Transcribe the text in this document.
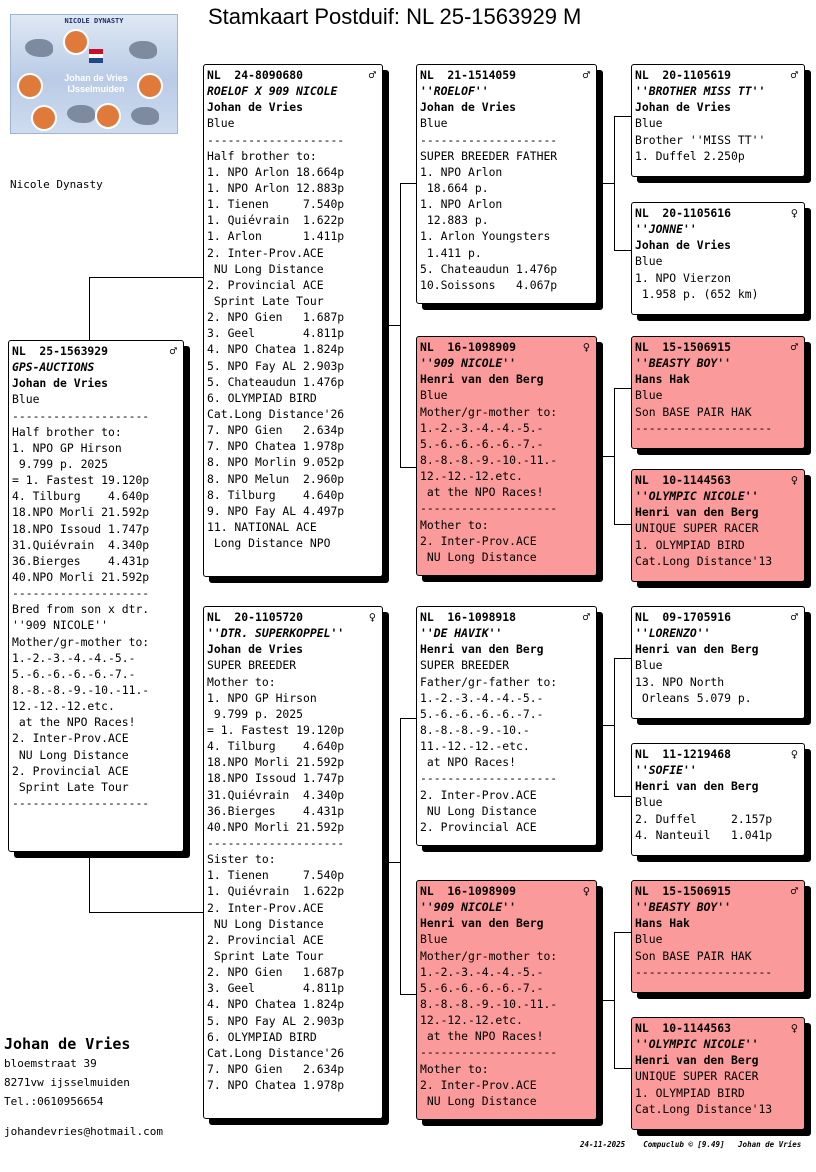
Stamkaart Postduif: NL 25-1563929 M
NICOLE DYNASTY
Johan de Vries
IJsselmuiden
Nicole Dynasty
NL  25-1563929	♂
GPS-AUCTIONS
Johan de Vries
Blue
--------------------
Half brother to:
1. NPO GP Hirson
9.799 p. 2025
= 1. Fastest 19.120p
4. Tilburg    4.640p
18.NPO Morli 21.592p
18.NPO Issoud 1.747p
31.Quiévrain  4.340p
36.Bierges    4.431p
40.NPO Morli 21.592p
--------------------
Bred from son x dtr.
''909 NICOLE''
Mother/gr-mother to:
1.-2.-3.-4.-4.-5.-
5.-6.-6.-6.-6.-7.-
8.-8.-8.-9.-10.-11.-
12.-12.-12.etc.
at the NPO Races!
2. Inter-Prov.ACE
NU Long Distance
2. Provincial ACE
Sprint Late Tour
--------------------
NL  24-8090680	♂
ROELOF X 909 NICOLE
Johan de Vries
Blue
--------------------
Half brother to:
1. NPO Arlon 18.664p
1. NPO Arlon 12.883p
1. Tienen     7.540p
1. Quiévrain  1.622p
1. Arlon      1.411p
2. Inter-Prov.ACE
NU Long Distance
2. Provincial ACE
Sprint Late Tour
2. NPO Gien   1.687p
3. Geel       4.811p
4. NPO Chatea 1.824p
5. NPO Fay AL 2.903p
5. Chateaudun 1.476p
6. OLYMPIAD BIRD
Cat.Long Distance'26
7. NPO Gien   2.634p
7. NPO Chatea 1.978p
8. NPO Morlin 9.052p
8. NPO Melun  2.960p
8. Tilburg    4.640p
9. NPO Fay AL 4.497p
11. NATIONAL ACE
Long Distance NPO
NL  20-1105720	♀
''DTR. SUPERKOPPEL''
Johan de Vries
SUPER BREEDER
Mother to:
1. NPO GP Hirson
9.799 p. 2025
= 1. Fastest 19.120p
4. Tilburg    4.640p
18.NPO Morli 21.592p
18.NPO Issoud 1.747p
31.Quiévrain  4.340p
36.Bierges    4.431p
40.NPO Morli 21.592p
--------------------
Sister to:
1. Tienen     7.540p
1. Quiévrain  1.622p
2. Inter-Prov.ACE
NU Long Distance
2. Provincial ACE
Sprint Late Tour
2. NPO Gien   1.687p
3. Geel       4.811p
4. NPO Chatea 1.824p
5. NPO Fay AL 2.903p
6. OLYMPIAD BIRD
Cat.Long Distance'26
7. NPO Gien   2.634p
7. NPO Chatea 1.978p
NL  21-1514059	♂
''ROELOF''
Johan de Vries
Blue
--------------------
SUPER BREEDER FATHER
1. NPO Arlon
18.664 p.
1. NPO Arlon
12.883 p.
1. Arlon Youngsters
1.411 p.
5. Chateaudun 1.476p
10.Soissons   4.067p
NL  16-1098909	♀
''909 NICOLE''
Henri van den Berg
Blue
Mother/gr-mother to:
1.-2.-3.-4.-4.-5.-
5.-6.-6.-6.-6.-7.-
8.-8.-8.-9.-10.-11.-
12.-12.-12.etc.
at the NPO Races!
--------------------
Mother to:
2. Inter-Prov.ACE
NU Long Distance
NL  16-1098918	♂
''DE HAVIK''
Henri van den Berg
SUPER BREEDER
Father/gr-father to:
1.-2.-3.-4.-4.-5.-
5.-6.-6.-6.-6.-7.-
8.-8.-8.-9.-10.-
11.-12.-12.-etc.
at NPO Races!
--------------------
2. Inter-Prov.ACE
NU Long Distance
2. Provincial ACE
NL  16-1098909	♀
''909 NICOLE''
Henri van den Berg
Blue
Mother/gr-mother to:
1.-2.-3.-4.-4.-5.-
5.-6.-6.-6.-6.-7.-
8.-8.-8.-9.-10.-11.-
12.-12.-12.etc.
at the NPO Races!
--------------------
Mother to:
2. Inter-Prov.ACE
NU Long Distance
NL  20-1105619	♂
''BROTHER MISS TT''
Johan de Vries
Blue
Brother ''MISS TT''
1. Duffel 2.250p
NL  20-1105616	♀
''JONNE''
Johan de Vries
Blue
1. NPO Vierzon
1.958 p. (652 km)
NL  15-1506915	♂
''BEASTY BOY''
Hans Hak
Blue
Son BASE PAIR HAK
--------------------
NL  10-1144563	♀
''OLYMPIC NICOLE''
Henri van den Berg
UNIQUE SUPER RACER
1. OLYMPIAD BIRD
Cat.Long Distance'13
NL  09-1705916	♂
''LORENZO''
Henri van den Berg
Blue
13. NPO North
Orleans 5.079 p.
NL  11-1219468	♀
''SOFIE''
Henri van den Berg
Blue
2. Duffel     2.157p
4. Nanteuil   1.041p
NL  15-1506915	♂
''BEASTY BOY''
Hans Hak
Blue
Son BASE PAIR HAK
--------------------
NL  10-1144563	♀
''OLYMPIC NICOLE''
Henri van den Berg
UNIQUE SUPER RACER
1. OLYMPIAD BIRD
Cat.Long Distance'13
Johan de Vries
bloemstraat 39
8271vw ijsselmuiden
Tel.:0610956654
johandevries@hotmail.com
24-11-2025 Compuclub © [9.49] Johan de Vries
